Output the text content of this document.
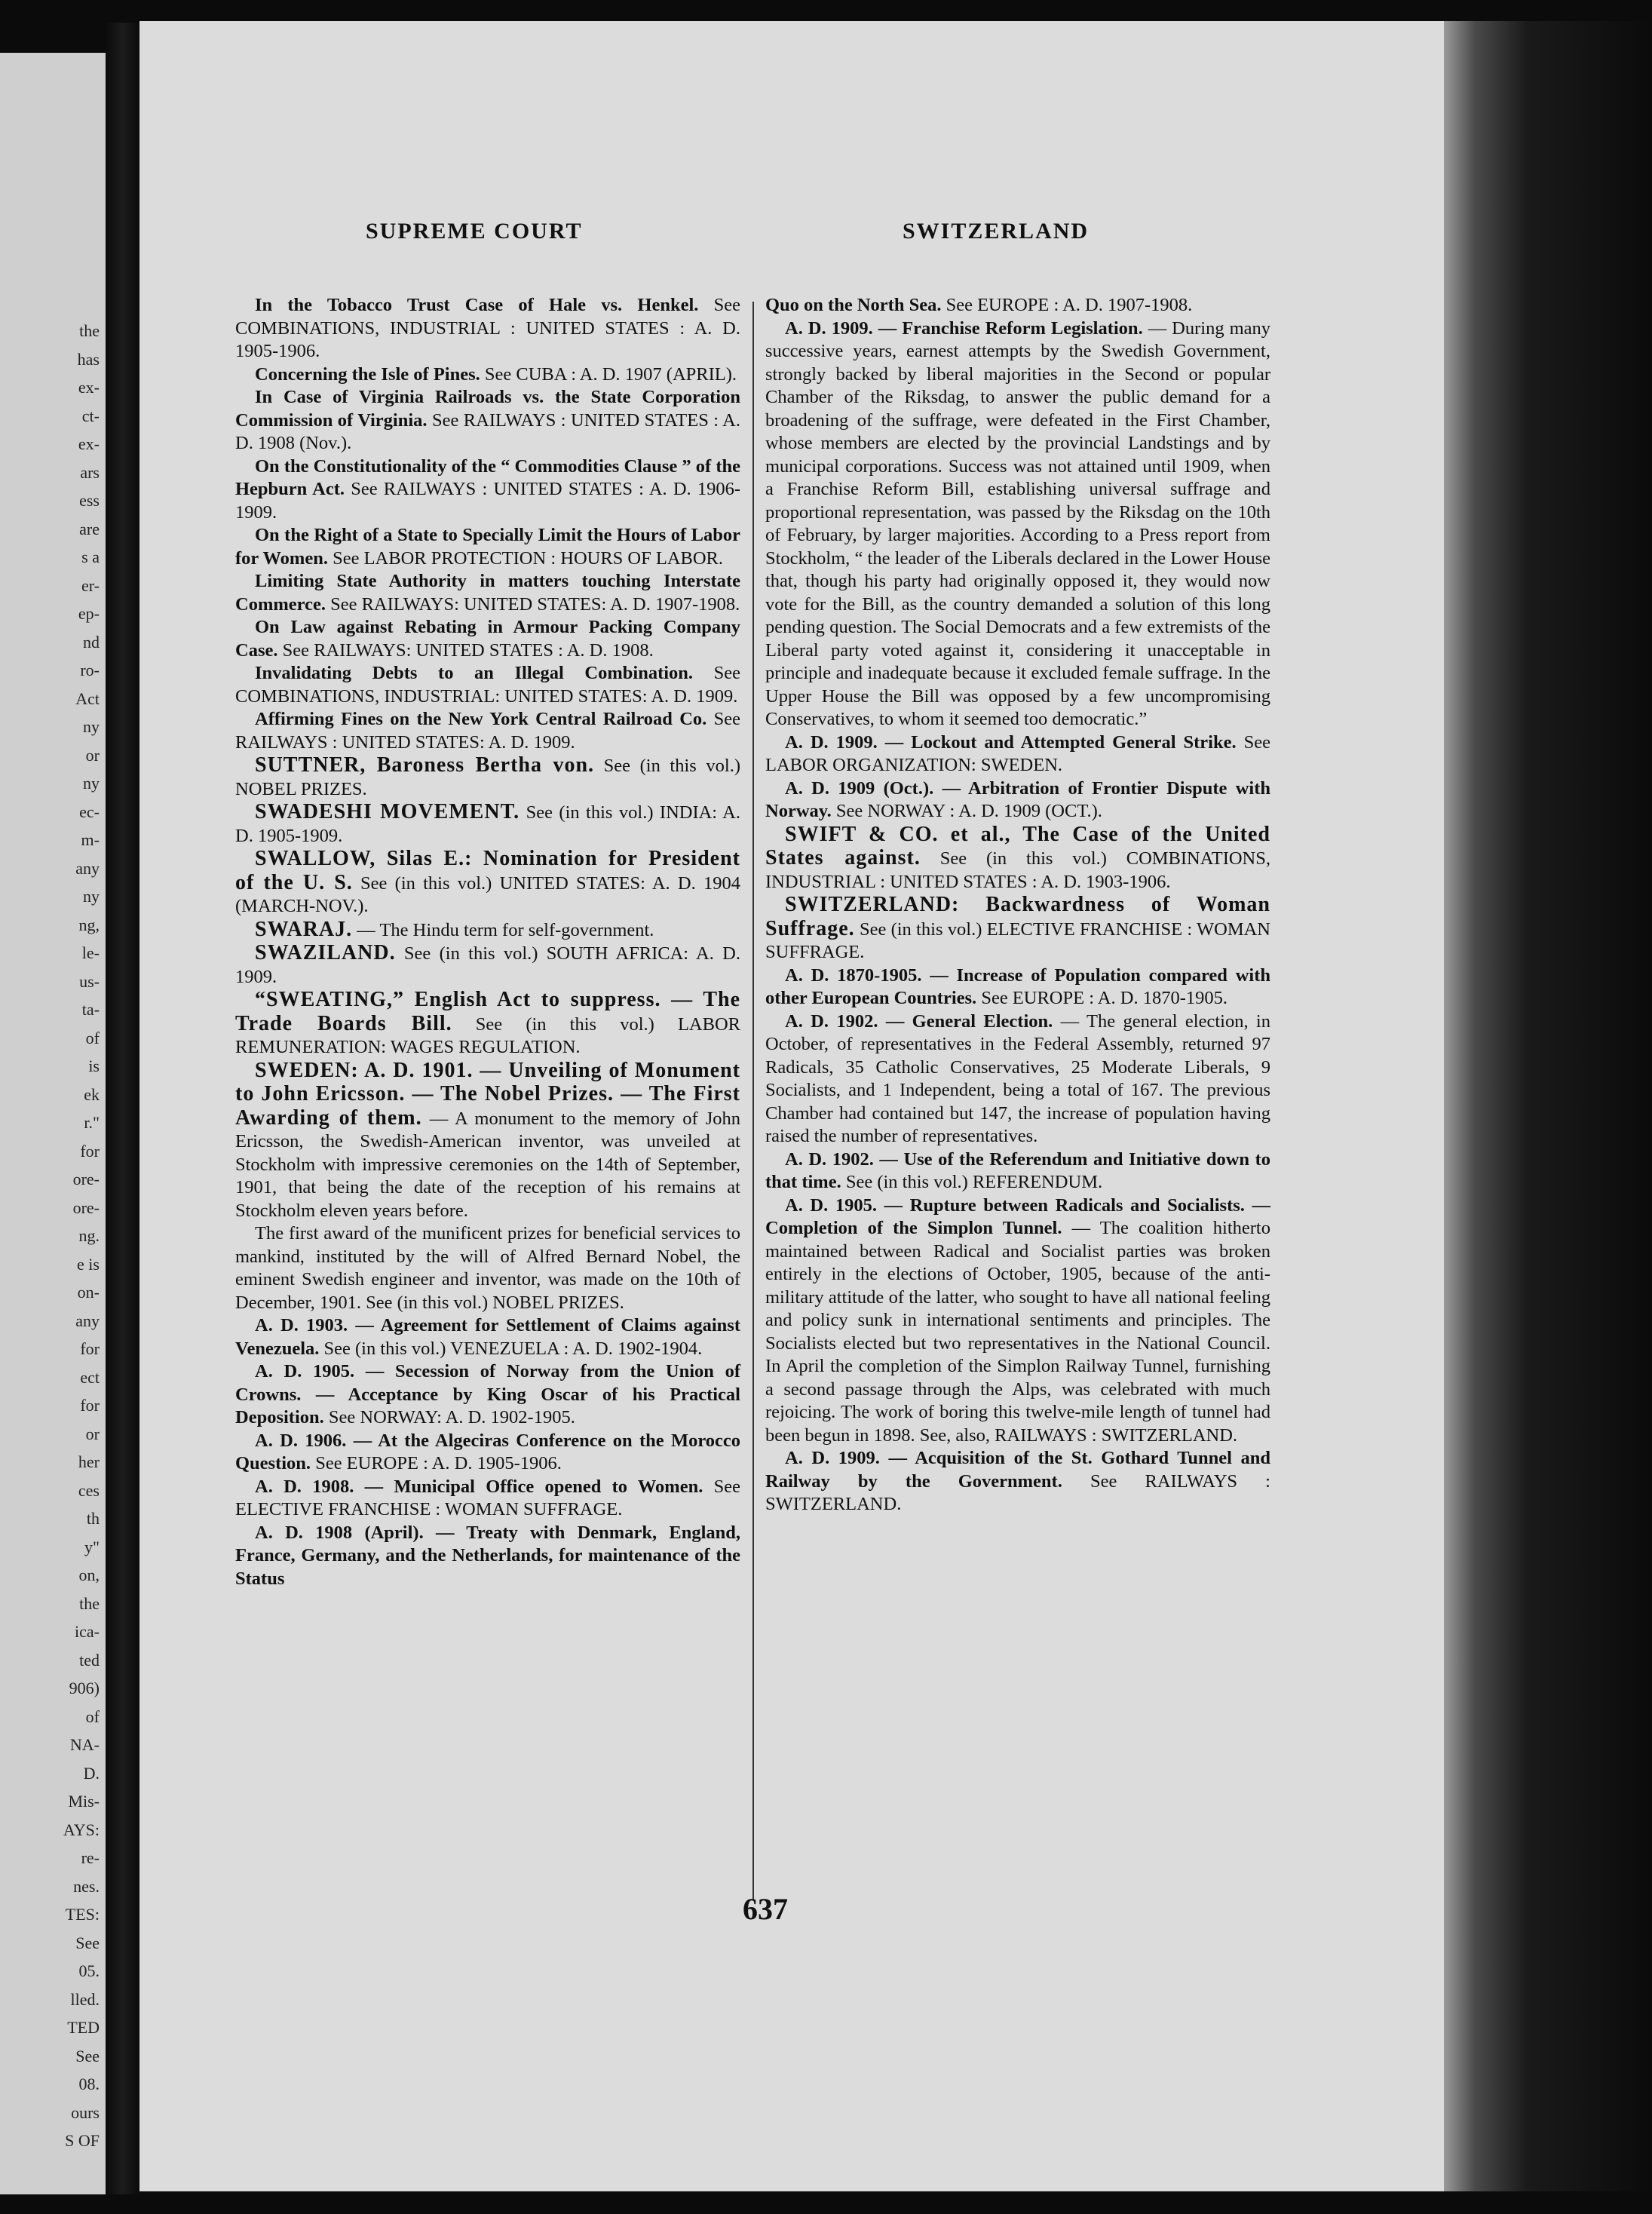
the
has
ex-
ct-
ex-
ars
ess
are
s a
er-
ep-
nd
ro-
Act
ny
or
ny
ec-
m-
any
ny
ng,
le-
us-
ta-
of
is
ek
r."
for
ore-
ore-
ng.
e is
on-
any
for
ect
for
or
her
ces
th
y"
on,
the
ica-
ted
906)
of
NA-
D.
Mis-
AYS:
re-
nes.
TES:
See
05.
lled.
TED
See
08.
ours
S OF
SUPREME COURT	SWITZERLAND
In the Tobacco Trust Case of Hale vs. Henkel. See COMBINATIONS, INDUSTRIAL : UNITED STATES : A. D. 1905-1906.
Concerning the Isle of Pines. See CUBA : A. D. 1907 (APRIL).
In Case of Virginia Railroads vs. the State Corporation Commission of Virginia. See RAILWAYS : UNITED STATES : A. D. 1908 (Nov.).
On the Constitutionality of the “ Commodities Clause ” of the Hepburn Act. See RAILWAYS : UNITED STATES : A. D. 1906-1909.
On the Right of a State to Specially Limit the Hours of Labor for Women. See LABOR PROTECTION : HOURS OF LABOR.
Limiting State Authority in matters touching Interstate Commerce. See RAILWAYS: UNITED STATES: A. D. 1907-1908.
On Law against Rebating in Armour Packing Company Case. See RAILWAYS: UNITED STATES : A. D. 1908.
Invalidating Debts to an Illegal Combination. See COMBINATIONS, INDUSTRIAL: UNITED STATES: A. D. 1909.
Affirming Fines on the New York Central Railroad Co. See RAILWAYS : UNITED STATES: A. D. 1909.
SUTTNER, Baroness Bertha von. See (in this vol.) NOBEL PRIZES.
SWADESHI MOVEMENT. See (in this vol.) INDIA: A. D. 1905-1909.
SWALLOW, Silas E.: Nomination for President of the U. S. See (in this vol.) UNITED STATES: A. D. 1904 (MARCH-NOV.).
SWARAJ. — The Hindu term for self-government.
SWAZILAND. See (in this vol.) SOUTH AFRICA: A. D. 1909.
“SWEATING,” English Act to suppress. — The Trade Boards Bill. See (in this vol.) LABOR REMUNERATION: WAGES REGULATION.
SWEDEN: A. D. 1901. — Unveiling of Monument to John Ericsson. — The Nobel Prizes. — The First Awarding of them. — A monument to the memory of John Ericsson, the Swedish-American inventor, was unveiled at Stockholm with impressive ceremonies on the 14th of September, 1901, that being the date of the reception of his remains at Stockholm eleven years before.
The first award of the munificent prizes for beneficial services to mankind, instituted by the will of Alfred Bernard Nobel, the eminent Swedish engineer and inventor, was made on the 10th of December, 1901. See (in this vol.) NOBEL PRIZES.
A. D. 1903. — Agreement for Settlement of Claims against Venezuela. See (in this vol.) VENEZUELA : A. D. 1902-1904.
A. D. 1905. — Secession of Norway from the Union of Crowns. — Acceptance by King Oscar of his Practical Deposition. See NORWAY: A. D. 1902-1905.
A. D. 1906. — At the Algeciras Conference on the Morocco Question. See EUROPE : A. D. 1905-1906.
A. D. 1908. — Municipal Office opened to Women. See ELECTIVE FRANCHISE : WOMAN SUFFRAGE.
A. D. 1908 (April). — Treaty with Denmark, England, France, Germany, and the Netherlands, for maintenance of the Status
Quo on the North Sea. See EUROPE : A. D. 1907-1908.
A. D. 1909. — Franchise Reform Legislation. — During many successive years, earnest attempts by the Swedish Government, strongly backed by liberal majorities in the Second or popular Chamber of the Riksdag, to answer the public demand for a broadening of the suffrage, were defeated in the First Chamber, whose members are elected by the provincial Landstings and by municipal corporations. Success was not attained until 1909, when a Franchise Reform Bill, establishing universal suffrage and proportional representation, was passed by the Riksdag on the 10th of February, by larger majorities. According to a Press report from Stockholm, “ the leader of the Liberals declared in the Lower House that, though his party had originally opposed it, they would now vote for the Bill, as the country demanded a solution of this long pending question. The Social Democrats and a few extremists of the Liberal party voted against it, considering it unacceptable in principle and inadequate because it excluded female suffrage. In the Upper House the Bill was opposed by a few uncompromising Conservatives, to whom it seemed too democratic.”
A. D. 1909. — Lockout and Attempted General Strike. See LABOR ORGANIZATION: SWEDEN.
A. D. 1909 (Oct.). — Arbitration of Frontier Dispute with Norway. See NORWAY : A. D. 1909 (OCT.).
SWIFT & CO. et al., The Case of the United States against. See (in this vol.) COMBINATIONS, INDUSTRIAL : UNITED STATES : A. D. 1903-1906.
SWITZERLAND: Backwardness of Woman Suffrage. See (in this vol.) ELECTIVE FRANCHISE : WOMAN SUFFRAGE.
A. D. 1870-1905. — Increase of Population compared with other European Countries. See EUROPE : A. D. 1870-1905.
A. D. 1902. — General Election. — The general election, in October, of representatives in the Federal Assembly, returned 97 Radicals, 35 Catholic Conservatives, 25 Moderate Liberals, 9 Socialists, and 1 Independent, being a total of 167. The previous Chamber had contained but 147, the increase of population having raised the number of representatives.
A. D. 1902. — Use of the Referendum and Initiative down to that time. See (in this vol.) REFERENDUM.
A. D. 1905. — Rupture between Radicals and Socialists. — Completion of the Simplon Tunnel. — The coalition hitherto maintained between Radical and Socialist parties was broken entirely in the elections of October, 1905, because of the anti-military attitude of the latter, who sought to have all national feeling and policy sunk in international sentiments and principles. The Socialists elected but two representatives in the National Council. In April the completion of the Simplon Railway Tunnel, furnishing a second passage through the Alps, was celebrated with much rejoicing. The work of boring this twelve-mile length of tunnel had been begun in 1898. See, also, RAILWAYS : SWITZERLAND.
A. D. 1909. — Acquisition of the St. Gothard Tunnel and Railway by the Government. See RAILWAYS : SWITZERLAND.
637
